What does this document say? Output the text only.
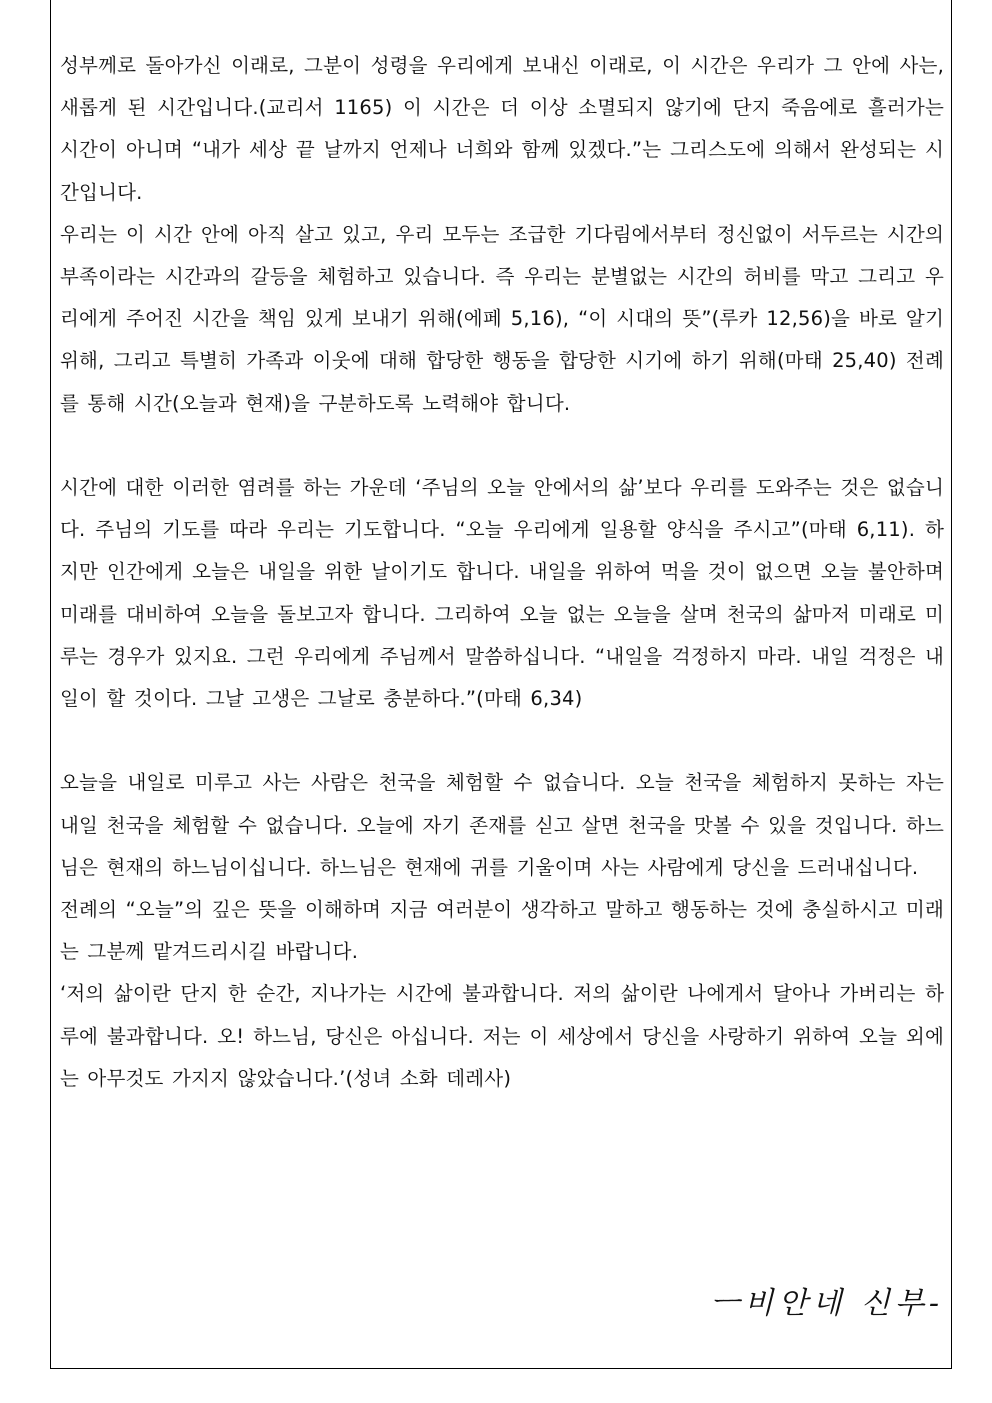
성부께로 돌아가신 이래로, 그분이 성령을 우리에게 보내신 이래로, 이 시간은 우리가 그 안에 사는, 새롭게 된 시간입니다.(교리서 1165) 이 시간은 더 이상 소멸되지 않기에 단지 죽음에로 흘러가는 시간이 아니며 “내가 세상 끝 날까지 언제나 너희와 함께 있겠다.”는 그리스도에 의해서 완성되는 시간입니다.

우리는 이 시간 안에 아직 살고 있고, 우리 모두는 조급한 기다림에서부터 정신없이 서두르는 시간의 부족이라는 시간과의 갈등을 체험하고 있습니다. 즉 우리는 분별없는 시간의 허비를 막고 그리고 우리에게 주어진 시간을 책임 있게 보내기 위해(에페 5,16), “이 시대의 뜻”(루카 12,56)을 바로 알기 위해, 그리고 특별히 가족과 이웃에 대해 합당한 행동을 합당한 시기에 하기 위해(마태 25,40) 전례를 통해 시간(오늘과 현재)을 구분하도록 노력해야 합니다.

시간에 대한 이러한 염려를 하는 가운데 ‘주님의 오늘 안에서의 삶’보다 우리를 도와주는 것은 없습니다. 주님의 기도를 따라 우리는 기도합니다. “오늘 우리에게 일용할 양식을 주시고”(마태 6,11). 하지만 인간에게 오늘은 내일을 위한 날이기도 합니다. 내일을 위하여 먹을 것이 없으면 오늘 불안하며 미래를 대비하여 오늘을 돌보고자 합니다. 그리하여 오늘 없는 오늘을 살며 천국의 삶마저 미래로 미루는 경우가 있지요. 그런 우리에게 주님께서 말씀하십니다. “내일을 걱정하지 마라. 내일 걱정은 내일이 할 것이다. 그날 고생은 그날로 충분하다.”(마태 6,34)

오늘을 내일로 미루고 사는 사람은 천국을 체험할 수 없습니다. 오늘 천국을 체험하지 못하는 자는 내일 천국을 체험할 수 없습니다. 오늘에 자기 존재를 싣고 살면 천국을 맛볼 수 있을 것입니다. 하느님은 현재의 하느님이십니다. 하느님은 현재에 귀를 기울이며 사는 사람에게 당신을 드러내십니다.

전례의 “오늘”의 깊은 뜻을 이해하며 지금 여러분이 생각하고 말하고 행동하는 것에 충실하시고 미래는 그분께 맡겨드리시길 바랍니다.

‘저의 삶이란 단지 한 순간, 지나가는 시간에 불과합니다. 저의 삶이란 나에게서 달아나 가버리는 하루에 불과합니다. 오! 하느님, 당신은 아십니다. 저는 이 세상에서 당신을 사랑하기 위하여 오늘 외에는 아무것도 가지지 않았습니다.’(성녀 소화 데레사)

ㅡ비안네 신부-
